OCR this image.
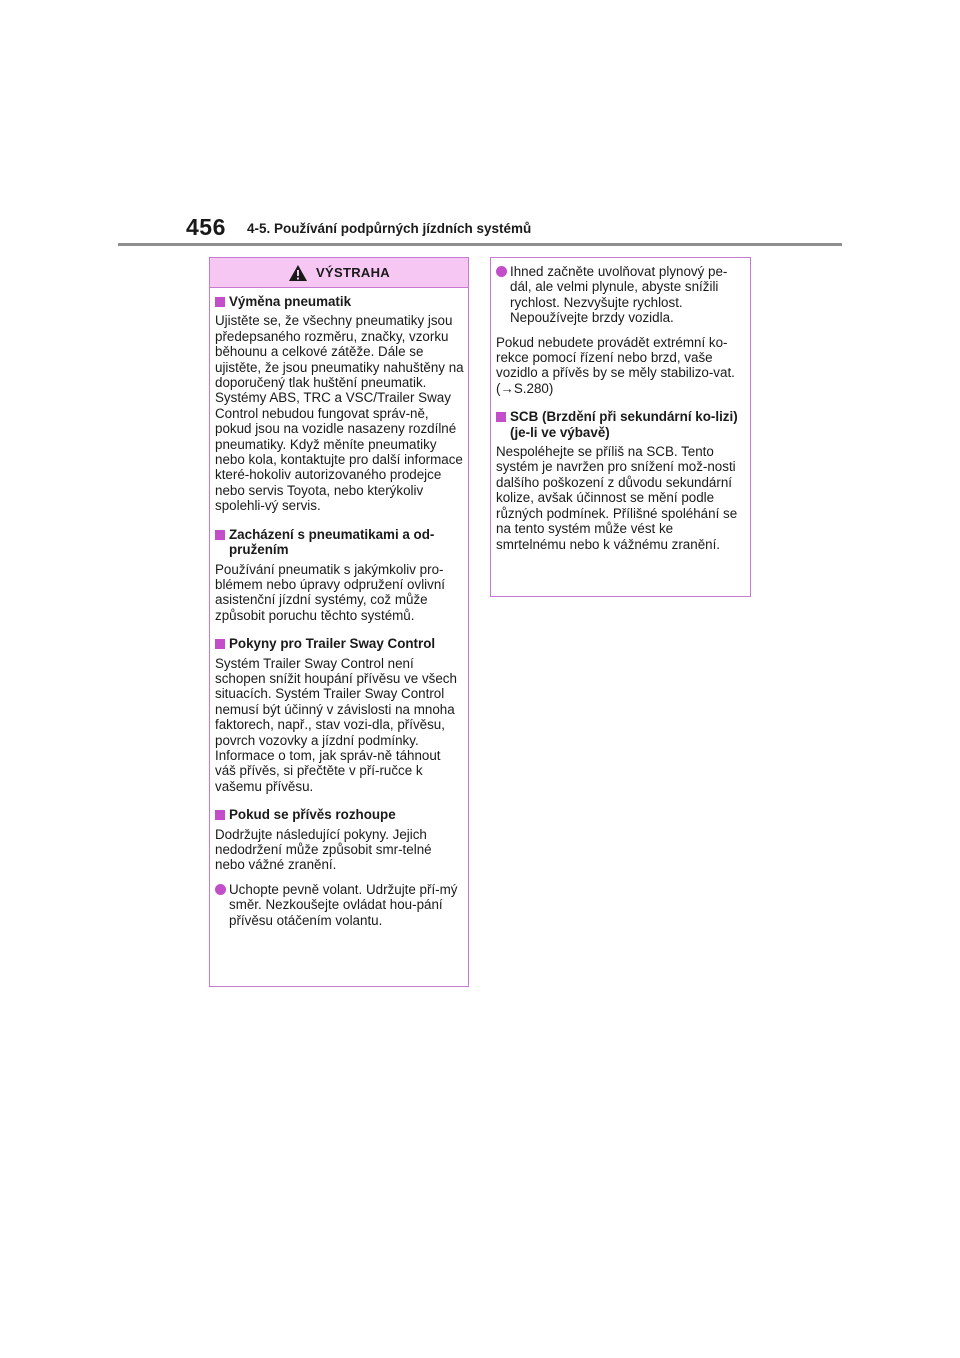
456 4-5. Používání podpůrných jízdních systémů
VÝSTRAHA
Výměna pneumatik

Ujistěte se, že všechny pneumatiky jsou předepsaného rozměru, značky, vzorku běhounu a celkové zátěže. Dále se ujistěte, že jsou pneumatiky nahuštěny na doporučený tlak huštění pneumatik. Systémy ABS, TRC a VSC/Trailer Sway Control nebudou fungovat správ-ně, pokud jsou na vozidle nasazeny rozdílné pneumatiky. Když měníte pneumatiky nebo kola, kontaktujte pro další informace které-hokoliv autorizovaného prodejce nebo servis Toyota, nebo kterýkoliv spolehli-vý servis.

Zacházení s pneumatikami a od-pružením

Používání pneumatik s jakýmkoliv pro-blémem nebo úpravy odpružení ovlivní asistenční jízdní systémy, což může způsobit poruchu těchto systémů.

Pokyny pro Trailer Sway Control

Systém Trailer Sway Control není schopen snížit houpání přívěsu ve všech situacích. Systém Trailer Sway Control nemusí být účinný v závislosti na mnoha faktorech, např., stav vozi-dla, přívěsu, povrch vozovky a jízdní podmínky. Informace o tom, jak správ-ně táhnout váš přívěs, si přečtěte v pří-ručce k vašemu přívěsu.

Pokud se přívěs rozhoupe

Dodržujte následující pokyny. Jejich nedodržení může způsobit smr-telné nebo vážné zranění.

Uchopte pevně volant. Udržujte pří-mý směr. Nezkoušejte ovládat hou-pání přívěsu otáčením volantu.
Ihned začněte uvolňovat plynový pe-dál, ale velmi plynule, abyste snížili rychlost. Nezvyšujte rychlost. Nepoužívejte brzdy vozidla.

Pokud nebudete provádět extrémní ko-rekce pomocí řízení nebo brzd, vaše vozidlo a přívěs by se měly stabilizo-vat. (→S.280)

SCB (Brzdění při sekundární ko-lizi) (je-li ve výbavě)

Nespoléhejte se příliš na SCB. Tento systém je navržen pro snížení mož-nosti dalšího poškození z důvodu sekundární kolize, avšak účinnost se mění podle různých podmínek. Přílišné spoléhání se na tento systém může vést ke smrtelnému nebo k vážnému zranění.
